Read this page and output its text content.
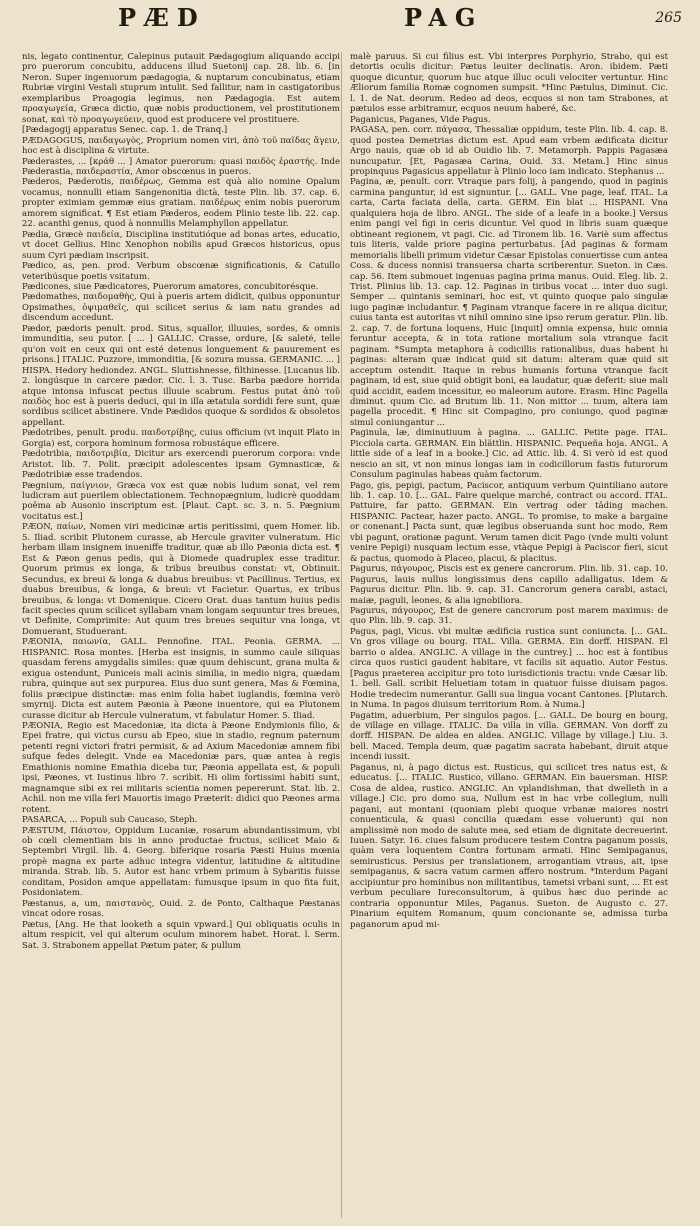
PÆD	PAG	265

nis, legato continentur, Calepinus putauit Pædagogium aliquando accipi pro puerorum concubitu, adducens illud Suetonij cap. 28. lib. 6. [in Neron. Super ingenuorum pædagogia, & nuptarum concubinatus, etiam Rubriæ virgini Vestali stuprum intulit. Sed fallitur, nam in castigatoribus exemplaribus Proagogia legimus, non Pædagogia. Est autem προαγωγεία, Græca dictio, quæ nobis productionem, vel prostitutionem sonat, καὶ τὸ προαγωγεύειν, quod est producere vel prostituere.

[Pædagogij apparatus Senec. cap. 1. de Tranq.]

PÆDAGOGUS, παιδαγωγὸς, Proprium nomen viri, ἀπὸ τοῦ παῖδας ἄγειν, hoc est à disciplina & virtute.

Pæderastes, ... [κράθ ... ] Amator puerorum: quasi παιδὸς ἐραστής. Inde Pæderastia, παιδεραστία, Amor obscœnus in pueros.

Pæderos, Pæderotis, παιδέρως, Gemma est quà alio nomine Opalum vocamus, nonnulli etiam Sangenonitia dictà, teste Plin. lib. 37. cap. 6. propter eximiam gemmæ eius gratiam. παιδέρως enim nobis puerorum amorem significat. ¶ Est etiam Pæderos, eodem Plinio teste lib. 22. cap. 22. acanthi genus, quod à nonnullis Melamphyllon appellatur.

Pædia, Græcè παιδεία, Disciplina institutióque ad bonas artes, educatio, vt docet Gellius. Hinc Xenophon nobilis apud Græcos historicus, opus suum Cyri pædiam inscripsit.

Pædico, as, pen. prod. Verbum obscœnæ significationis, & Catullo veteribúsque poetis vsitatum.

Pædicones, siue Pædicatores, Puerorum amatores, concubitorésque.

Pædomathes, παιδομαθὴς, Qui à pueris artem didicit, quibus opponuntur Opsimathes, ὀψιμαθεῖς, qui scilicet serius & iam natu grandes ad discendum accedunt.

Pædor, pædoris penult. prod. Situs, squallor, illuuies, sordes, & omnis immunditia, seu putor. [ ... ] GALLIC. Crasse, ordure, [& saleté, telle qu'on voit en ceux qui ont esté detenus longuement & pauurement es prisons.] ITALIC. Puzzore, immonditia, [& sozura mussa. GERMANIC. ... ] HISPA. Hedory hediondez. ANGL. Sluttishnesse, filthinesse. [Lucanus lib. 2. longúsque in carcere pædor. Cic. l. 3. Tusc. Barba pædore horrida atque intonsa infuscat pectus illuuie scabrum. Festus putat ἀπὸ τοῦ παιδὸς hoc est à pueris deduci, qui in illa ætatula sordidi fere sunt, quæ sordibus scilicet abstinere. Vnde Pædidos quoque & sordidos & obsoletos appellant.

Pædotribes, penult. produ. παιδοτρίβης, cuius officium (vt inquit Plato in Gorgia) est, corpora hominum formosa robustáque efficere.

Pædotribia, παιδοτριβία, Dicitur ars exercendi puerorum corpora: vnde Aristot. lib. 7. Polit. præcipit adolescentes ipsam Gymnasticæ, & Pædotribiæ esse tradendos.

Pægnium, παίγνιον, Græca vox est quæ nobis ludum sonat, vel rem ludicram aut puerilem oblectationem. Technopægnium, ludicrè quoddam poëma ab Ausonio inscriptum est. [Plaut. Capt. sc. 3. n. 5. Pægnium vocitatus est.]

PÆON, παίων, Nomen viri medicinæ artis peritissimi, quem Homer. lib. 5. Iliad. scribit Plutonem curasse, ab Hercule graviter vulneratum. Hic herbam illam insignem inueniffe traditur, quæ ab illo Pæonia dicta est. ¶ Est & Pæon genus pedis, qui à Diomede quadruplex esse traditur. Quorum primus ex longa, & tribus breuibus constat: vt, Obtinuit. Secundus, ex breui & longa & duabus breuibus: vt Pacillinus. Tertius, ex duabus breuibus, & longa, & breui: vt Facietur. Quartus, ex tribus breuibus, & longa: vt Domenique. Cicero Orat. duas tantum huius pedis facit species quum scilicet syllabam vnam longam sequuntur tres breues, vt Definite, Comprimite: Aut quum tres breues sequitur vna longa, vt Domuerant, Studuerant.

PÆONIA, παιωνία, GALL. Pennofine. ITAL. Peonia. GERMA. ... HISPANIC. Rosa montes. [Herba est insignis, in summo caule siliquas quasdam ferens amygdalis similes: quæ quum dehiscunt, grana multa & exigua ostendunt, Puniceis mali acinis similia, in medio nigra, quædam rubra, quinque aut sex purpurea. Eius duo sunt genera, Mas & Fœmina, foliis præcipue distinctæ: mas enim folia habet iuglandis, fœmina verò smyrnij. Dicta est autem Pæonia à Pæone inuentore, qui ea Plutonem curasse dicitur ab Hercule vulneratum, vt fabulatur Homer. 5. Iliad.

PÆONIA, Regio est Macedoniæ, ita dicta à Pæone Endymionis filio, & Epei fratre, qui victus cursu ab Epeo, siue in stadio, regnum paternum petenti regni victori fratri permisit, & ad Axium Macedoniæ amnem fibi sufque fedes delegit. Vnde ea Macedoniæ pars, quæ antea à regis Emathionis nomine Emathia diceba tur, Pæonia appellata est, & populi ipsi, Pæones, vt Iustinus libro 7. scribit. Hi olim fortissimi habiti sunt, magnamque sibi ex rei militaris scientia nomen pepererunt. Stat. lib. 2. Achil. non me villa feri Mauortis imago Præterit: didici quo Pæones arma rotent.

PASARCA, ... Populi sub Caucaso, Steph.

PÆSTUM, Πάιστον, Oppidum Lucaniæ, rosarum abundantissimum, vbi ob cœli clementiam bis in anno productae fructus, scilicet Maio & Septembri Virgil. lib. 4. Georg. biferique rosaria Pæsti Huius mœnia propè magna ex parte adhuc integra videntur, latitudine & altitudine miranda. Strab. lib. 5. Autor est hanc vrbem primum à Sybaritis fuisse conditam, Posidon amque appellatam: fumusque ipsum in quo fita fuit, Posidoniatem.

Pæstanus, a, um, παιστανὸς, Ouid. 2. de Ponto, Calthaque Pæstanas vincat odore rosas.

Pætus, [Ang. He that looketh a squin vpward.] Qui obliquatis oculis in altum respicit, vel qui alterum oculum minorem habet. Horat. l. Serm. Sat. 3. Strabonem appellat Pætum pater, & pullum

malè paruus. Si cui filius est. Vbi interpres Porphyrio, Strabo, qui est detortis oculis dicitur: Pætus leuiter declinatis. Aron. ibidem. Pæti quoque dicuntur, quorum huc atque illuc oculi velociter vertuntur. Hinc Æliorum familia Romæ cognomen sumpsit. *Hinc Pætulus, Diminut. Cic. l. 1. de Nat. deorum. Redeo ad deos, ecquos si non tam Strabones, at pætulos esse arbitramur, ecquos neuum haberé, &c.

Paganicus, Paganes, Vide Pagus.

PAGASA, pen. corr. πάγασα, Thessaliæ oppidum, teste Plin. lib. 4. cap. 8. quod postea Demetrias dictum est. Apud eam vrbem ædificata dicitur Argo nauis, quæ ob id ab Ouidio lib. 7. Metamorph. Pappis Pagasæa nuncupatur. [Et, Pagasæa Carina, Ouid. 33. Metam.] Hinc sinus propinquus Pagasicus appellatur à Plinio loco iam indicato. Stephanus ...

Pagina, æ, penult. corr. Vtraque pars folij, à pangendo, quod in paginis carmina panguntur, id est signuntur. [... GALL. Vne page, leaf. ITAL. La carta, Carta faciata della, carta. GERM. Ein blat ... HISPANI. Vna qualquiera hoja de libro. ANGL. The side of a leafe in a booke.] Versus enim pangi vel figi in ceris dicuntur. Vel quod in libris suam quæque obtineant regionem, vt pagi. Cic. ad Tironem lib. 16. Variè sum affectus tuis literis, valde priore pagina perturbatus. [Ad paginas & formam memorialis libelli primum videtur Cæsar Epistolas conuertisse cum antea Coss. & ducess nonnisi transuersa charta scriberentur. Sueton. in Cæs. cap. 56. Item submouet ingenuas pagina prima manus. Ouid. Eleg. lib. 2. Trist. Plinius lib. 13. cap. 12. Paginas in tiribus vocat ... inter duo sugi. Semper ... quintanis seminari, hoc est, vt quinto quoque palo singulæ iugo paginæ includantur. ¶ Paginam vtranque facere in re aliqua dicitur, cuius tanta est autoritas vt nihil omnino sine ipso rerum geratur. Plin. lib. 2. cap. 7. de fortuna loquens, Huic [inquit] omnia expensa, huic omnia feruntur accepta, & in tota ratione mortalium sola vtranque facit paginam. *Sumpta metaphora à codicillis rationalibus, duas habent hi paginas: alteram quæ indicat quid sit datum: alteram quæ quid sit acceptum ostendit. Itaque in rebus humanis fortuna vtranque facit paginam, id est, siue quid obtigit boni, ea laudatur, quæ deferit: siue mali quid accidit, eadem incessitur, eo maleorum autore. Erasm. Hinc Pagella diminut. quum Cic. ad Brutum lib. 11. Non mittor ... tuum, altera iam pagella procedit. ¶ Hinc sit Compagino, pro coniungo, quod paginæ simul coniungantur ...

Paginula, læ, diminutiuum à pagina. ... GALLIC. Petite page. ITAL. Picciola carta. GERMAN. Ein blättlin. HISPANIC. Pequeña hoja. ANGL. A little side of a leaf in a booke.] Cic. ad Attic. lib. 4. Si verò id est quod nescio an sit, vt non minus longas iam in codicillorum fastis futurorum Consulum paginulas habeas quàm factorum.

Pago, gis, pepigi, pactum, Paciscor, antiquum verbum Quintiliano autore lib. 1. cap. 10. [... GAL. Faire quelque marché, contract ou accord. ITAL. Pattuire, far patto. GERMAN. Ein vertrag oder tâding machen. HISPANIC. Pactear, hazer pacto. ANGL. To promise, to make a bargaine or conenant.] Pacta sunt, quæ legibus obseruanda sunt hoc modo, Rem vbi pagunt, orationæ pagunt. Verum tamen dicit Pago (vnde multi volunt venire Pepigi) nusquam lectum esse, vtàque Pepigi à Paciscor fieri, sicut & pactus, quomodo à Placeo, placui, & placitus.

Pagurus, πάγουρος, Piscis est ex genere cancrorum. Plin. lib. 31. cap. 10. Pagurus, lauis nullus longissimus dens capillo adalligatus. Idem & Pagurus dicitur. Plin. lib. 9. cap. 31. Cancrorum genera carabi, astaci, maiæ, paguli, leones, & alia ignobiliora.

Pagurus, πάγουρος, Est de genere cancrorum post marem maximus: de quo Plin. lib. 9. cap. 31.

Pagus, pagi, Vicus. vbi multæ ædificia rustica sunt coniuncta. [... GAL. Vn gros village ou bourg. ITAL. Villa. GERMA. Ein dorff. HISPAN. El barrio o aldea. ANGLIC. A village in the cuntrey.] ... hoc est à fontibus circa quos rustici gaudent habitare, vt facilis sit aquatio. Autor Festus. [Pagus praeterea accipitur pro toto iurisdictionis tractu: vnde Cæsar lib. 1. bell. Gall. scribit Heluetiam totam in quatuor fuisse diuisam pagos. Hodie tredecim numerantur. Galli sua lingua vocant Cantones. [Plutarch. in Numa. In pagos diuisum territorium Rom. à Numa.]

Pagatim, aduerbium, Per singulos pagos. [... GALL. De bourg en bourg, de village en village. ITALIC. Da villa in villa. GERMAN. Von dorff zu dorff. HISPAN. De aldea en aldea. ANGLIC. Village by village.] Liu. 3. bell. Maced. Templa deum, quæ pagatim sacrata habebant, diruit atque incendi iussit.

Paganus, ni, à pago dictus est. Rusticus, qui scilicet tres natus est, & educatus. [... ITALIC. Rustico, villano. GERMAN. Ein bauersman. HISP. Cosa de aldea, rustico. ANGLIC. An vplandishman, that dwelleth in a village.] Cic. pro domo sua, Nullum est in hac vrbe collegium, nulli pagani, aut montani (quoniam plebi quoque vrbanæ maiores nostri conuenticula, & quasi concilia quædam esse voluerunt) qui non amplissimè non modo de salute mea, sed etiam de dignitate decreuerint. Iuuen. Satyr. 16. ciues falsum producere testem Contra paganum possis, quàm vera loquentem Contra fortunam armati. Hinc Semipaganus, semirusticus. Persius per translationem, arrogantiam vtraus, ait, ipse semipaganus, & sacra vatum carmen affero nostrum. *Interdum Pagani accipiuntur pro hominibus non militantibus, tametsi vrbani sunt, ... Et est verbum peculiare Iureconsultorum, à quibus hæc duo perinde ac contraria opponuntur Miles, Paganus. Sueton. de Augusto c. 27. Pinarium equitem Romanum, quum concionante se, admissa turba paganorum apud mi-
